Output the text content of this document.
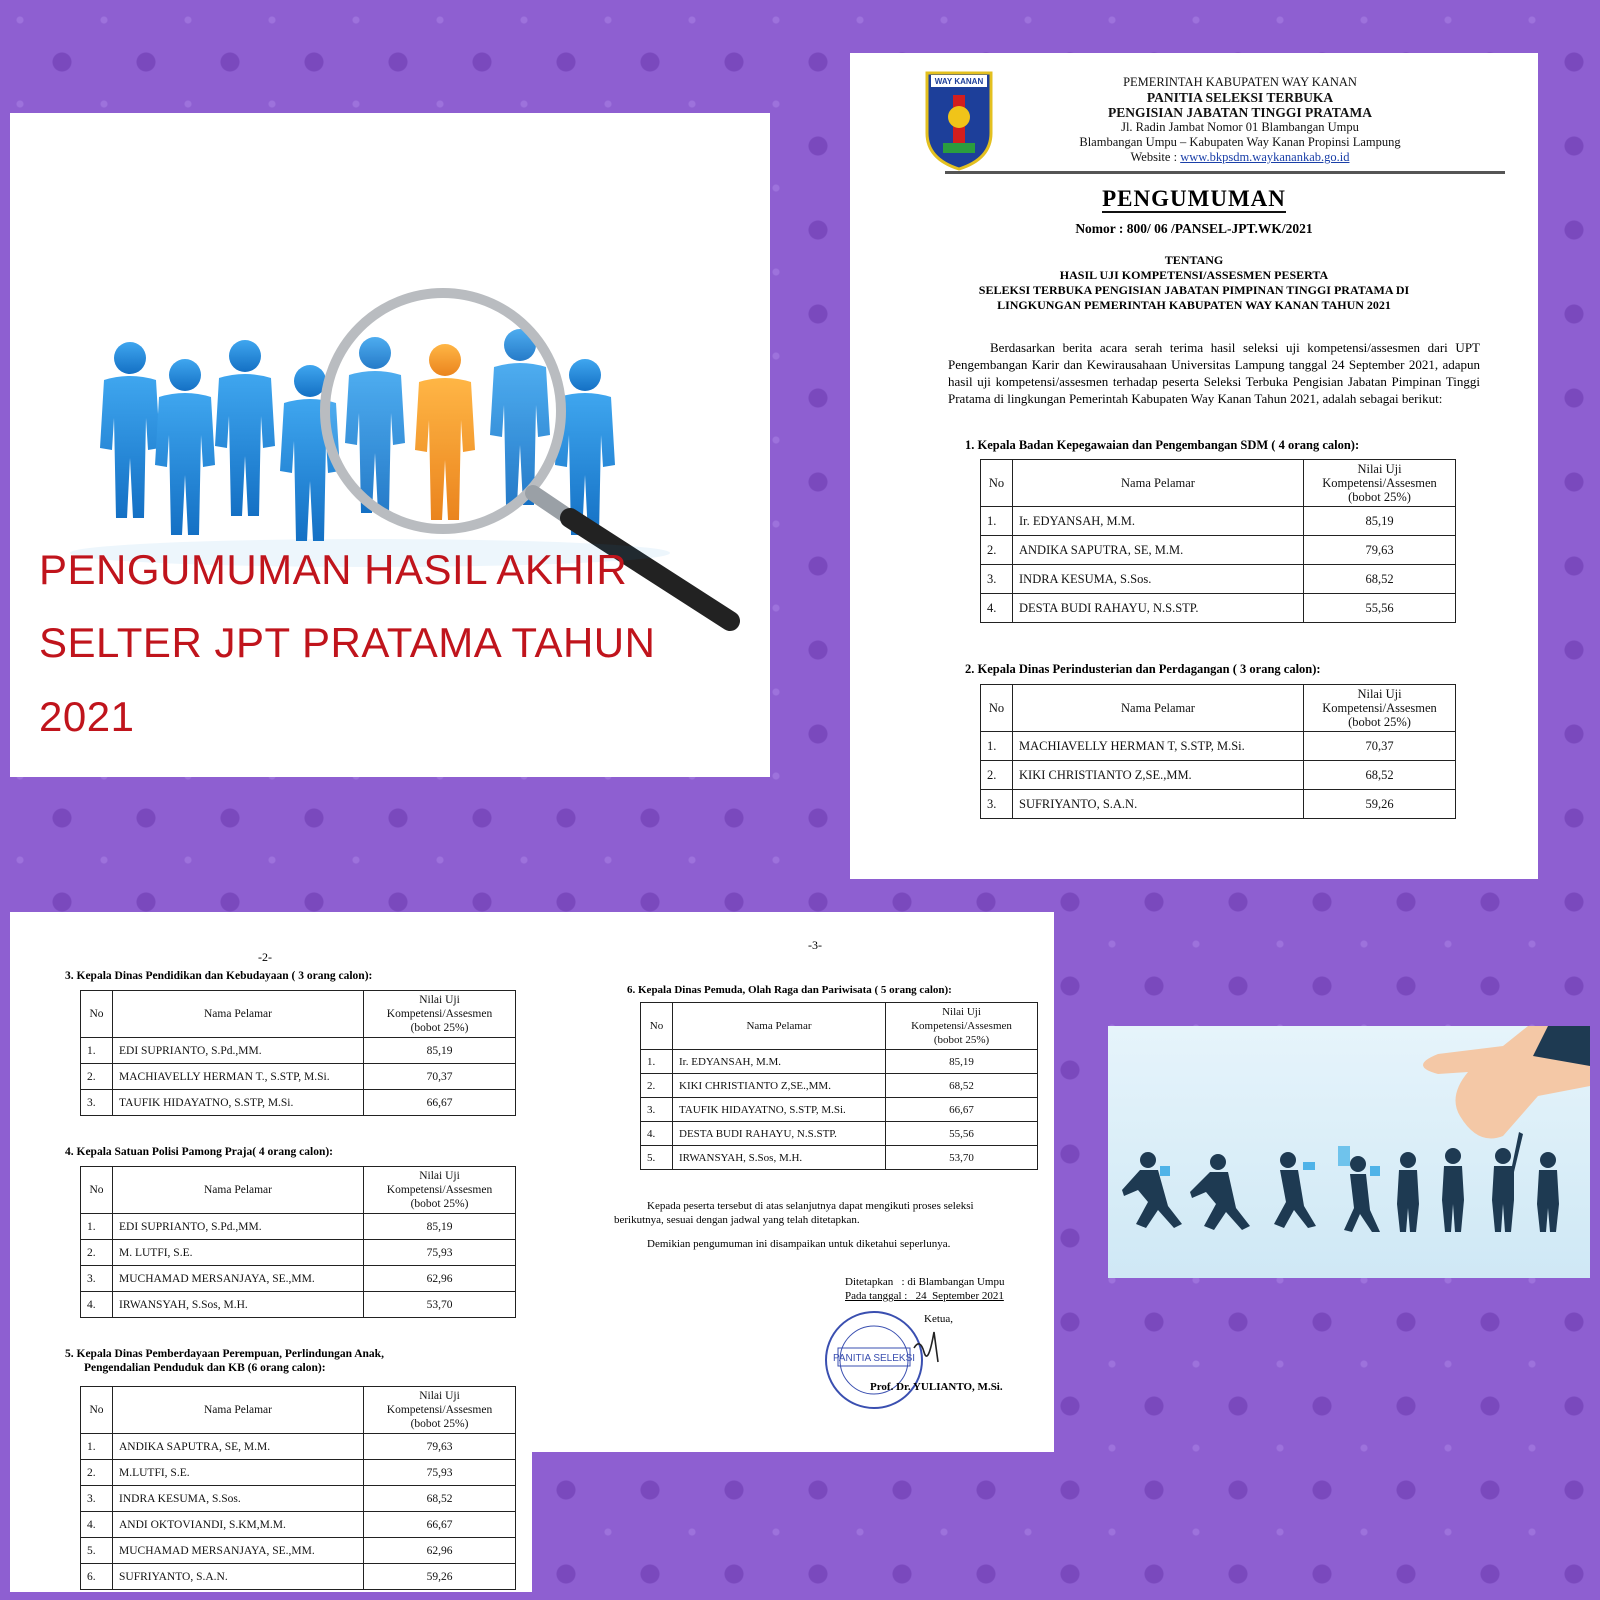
PENGUMUMAN HASIL AKHIR
SELTER JPT PRATAMA TAHUN
2021
WAY KANAN	PEMERINTAH KABUPATEN WAY KANAN
PANITIA SELEKSI TERBUKA
PENGISIAN JABATAN TINGGI PRATAMA
Jl. Radin Jambat Nomor 01 Blambangan Umpu
Blambangan Umpu – Kabupaten Way Kanan Propinsi Lampung
Website : www.bkpsdm.waykanankab.go.id
PENGUMUMAN
Nomor : 800/ 06 /PANSEL-JPT.WK/2021
TENTANG
HASIL UJI KOMPETENSI/ASSESMEN PESERTA
SELEKSI TERBUKA PENGISIAN JABATAN PIMPINAN TINGGI PRATAMA DI
LINGKUNGAN PEMERINTAH KABUPATEN WAY KANAN TAHUN 2021
Berdasarkan berita acara serah terima hasil seleksi uji kompetensi/assesmen dari UPT Pengembangan Karir dan Kewirausahaan Universitas Lampung tanggal 24 September 2021, adapun hasil uji kompetensi/assesmen terhadap peserta Seleksi Terbuka Pengisian Jabatan Pimpinan Tinggi Pratama di lingkungan Pemerintah Kabupaten Way Kanan Tahun 2021, adalah sebagai berikut:
1. Kepala Badan Kepegawaian dan Pengembangan SDM ( 4 orang calon):
No	Nama Pelamar	Nilai Uji
Kompetensi/Assesmen
(bobot 25%)

1.	Ir. EDYANSAH, M.M.	85,19
2.	ANDIKA SAPUTRA, SE, M.M.	79,63
3.	INDRA KESUMA, S.Sos.	68,52
4.	DESTA BUDI RAHAYU, N.S.STP.	55,56
2. Kepala Dinas Perindusterian dan Perdagangan ( 3 orang calon):
No	Nama Pelamar	Nilai Uji
Kompetensi/Assesmen
(bobot 25%)

1.	MACHIAVELLY HERMAN T, S.STP, M.Si.	70,37
2.	KIKI CHRISTIANTO Z,SE.,MM.	68,52
3.	SUFRIYANTO, S.A.N.	59,26
-2-
3. Kepala Dinas Pendidikan dan Kebudayaan ( 3 orang calon):
No	Nama Pelamar	Nilai Uji
Kompetensi/Assesmen
(bobot 25%)

1.	EDI SUPRIANTO, S.Pd.,MM.	85,19
2.	MACHIAVELLY HERMAN T., S.STP, M.Si.	70,37
3.	TAUFIK HIDAYATNO, S.STP, M.Si.	66,67
4. Kepala Satuan Polisi Pamong Praja( 4 orang calon):
No	Nama Pelamar	Nilai Uji
Kompetensi/Assesmen
(bobot 25%)

1.	EDI SUPRIANTO, S.Pd.,MM.	85,19
2.	M. LUTFI, S.E.	75,93
3.	MUCHAMAD MERSANJAYA, SE.,MM.	62,96
4.	IRWANSYAH, S.Sos, M.H.	53,70
5. Kepala Dinas Pemberdayaan Perempuan, Perlindungan Anak,
Pengendalian Penduduk dan KB (6 orang calon):
No	Nama Pelamar	Nilai Uji
Kompetensi/Assesmen
(bobot 25%)

1.	ANDIKA SAPUTRA, SE, M.M.	79,63
2.	M.LUTFI, S.E.	75,93
3.	INDRA KESUMA, S.Sos.	68,52
4.	ANDI OKTOVIANDI, S.KM,M.M.	66,67
5.	MUCHAMAD MERSANJAYA, SE.,MM.	62,96
6.	SUFRIYANTO, S.A.N.	59,26
-3-
6. Kepala Dinas Pemuda, Olah Raga dan Pariwisata ( 5 orang calon):
No	Nama Pelamar	Nilai Uji
Kompetensi/Assesmen
(bobot 25%)

1.	Ir. EDYANSAH, M.M.	85,19
2.	KIKI CHRISTIANTO Z,SE.,MM.	68,52
3.	TAUFIK HIDAYATNO, S.STP, M.Si.	66,67
4.	DESTA BUDI RAHAYU, N.S.STP.	55,56
5.	IRWANSYAH, S.Sos, M.H.	53,70
Kepada peserta tersebut di atas selanjutnya dapat mengikuti proses seleksi
berikutnya, sesuai dengan jadwal yang telah ditetapkan.
Demikian pengumuman ini disampaikan untuk diketahui seperlunya.
Ditetapkan   : di Blambangan Umpu
Pada tanggal :   24  September 2021
Ketua,
PANITIA SELEKSI
Prof. Dr. YULIANTO, M.Si.
